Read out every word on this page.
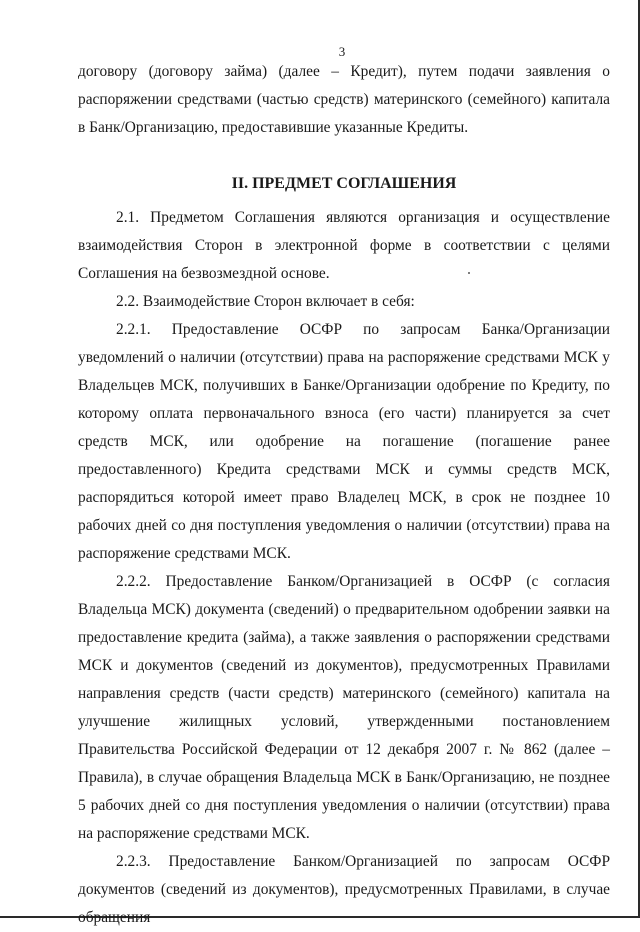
3

договору (договору займа) (далее – Кредит), путем подачи заявления о распоряжении средствами (частью средств) материнского (семейного) капитала в Банк/Организацию, предоставившие указанные Кредиты.

II. ПРЕДМЕТ СОГЛАШЕНИЯ

2.1. Предметом Соглашения являются организация и осуществление взаимодействия Сторон в электронной форме в соответствии с целями Соглашения на безвозмездной основе.

2.2. Взаимодействие Сторон включает в себя:

2.2.1. Предоставление ОСФР по запросам Банка/Организации уведомлений о наличии (отсутствии) права на распоряжение средствами МСК у Владельцев МСК, получивших в Банке/Организации одобрение по Кредиту, по которому оплата первоначального взноса (его части) планируется за счет средств МСК, или одобрение на погашение (погашение ранее предоставленного) Кредита средствами МСК и суммы средств МСК, распорядиться которой имеет право Владелец МСК, в срок не позднее 10 рабочих дней со дня поступления уведомления о наличии (отсутствии) права на распоряжение средствами МСК.

2.2.2. Предоставление Банком/Организацией в ОСФР (с согласия Владельца МСК) документа (сведений) о предварительном одобрении заявки на предоставление кредита (займа), а также заявления о распоряжении средствами МСК и документов (сведений из документов), предусмотренных Правилами направления средств (части средств) материнского (семейного) капитала на улучшение жилищных условий, утвержденными постановлением Правительства Российской Федерации от 12 декабря 2007 г. № 862 (далее – Правила), в случае обращения Владельца МСК в Банк/Организацию, не позднее 5 рабочих дней со дня поступления уведомления о наличии (отсутствии) права на распоряжение средствами МСК.

2.2.3. Предоставление Банком/Организацией по запросам ОСФР документов (сведений из документов), предусмотренных Правилами, в случае обращения
